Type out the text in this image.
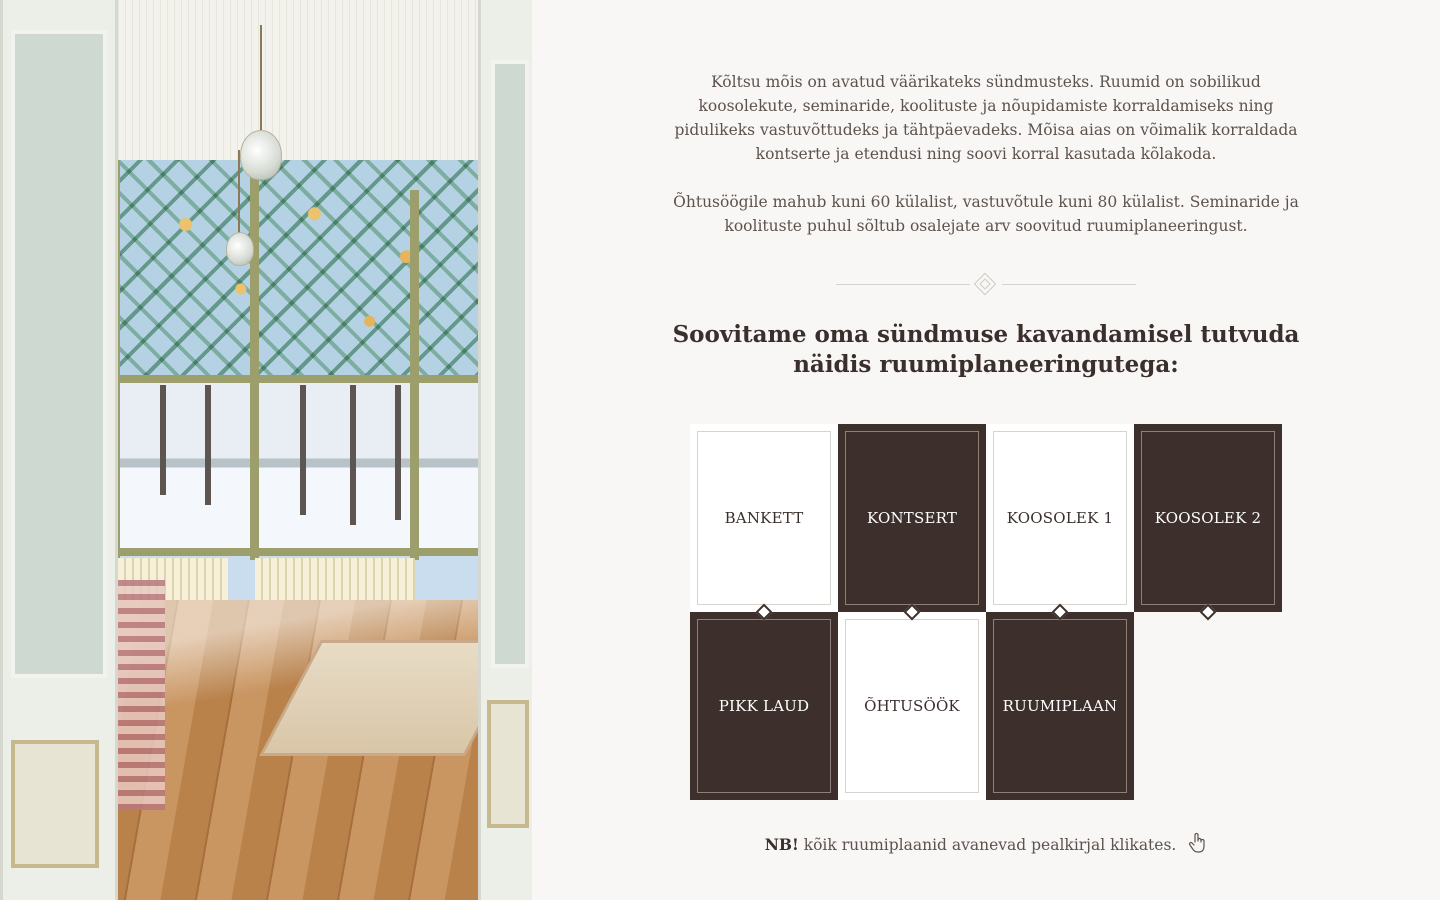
Kõltsu mõis on avatud väärikateks sündmusteks. Ruumid on sobilikud koosolekute, seminaride, koolituste ja nõupidamiste korraldamiseks ning pidulikeks vastuvõttudeks ja tähtpäevadeks. Mõisa aias on võimalik korraldada kontserte ja etendusi ning soovi korral kasutada kõlakoda.

Õhtusöögile mahub kuni 60 külalist, vastuvõtule kuni 80 külalist. Seminaride ja koolituste puhul sõltub osalejate arv soovitud ruumiplaneeringust.

Soovitame oma sündmuse kavandamisel tutvuda näidis ruumiplaneeringutega:
BANKETT	KONTSERT	KOOSOLEK 1	KOOSOLEK 2
PIKK LAUD	ÕHTUSÖÖK	RUUMIPLAAN
NB! kõik ruumiplaanid avanevad pealkirjal klikates.
